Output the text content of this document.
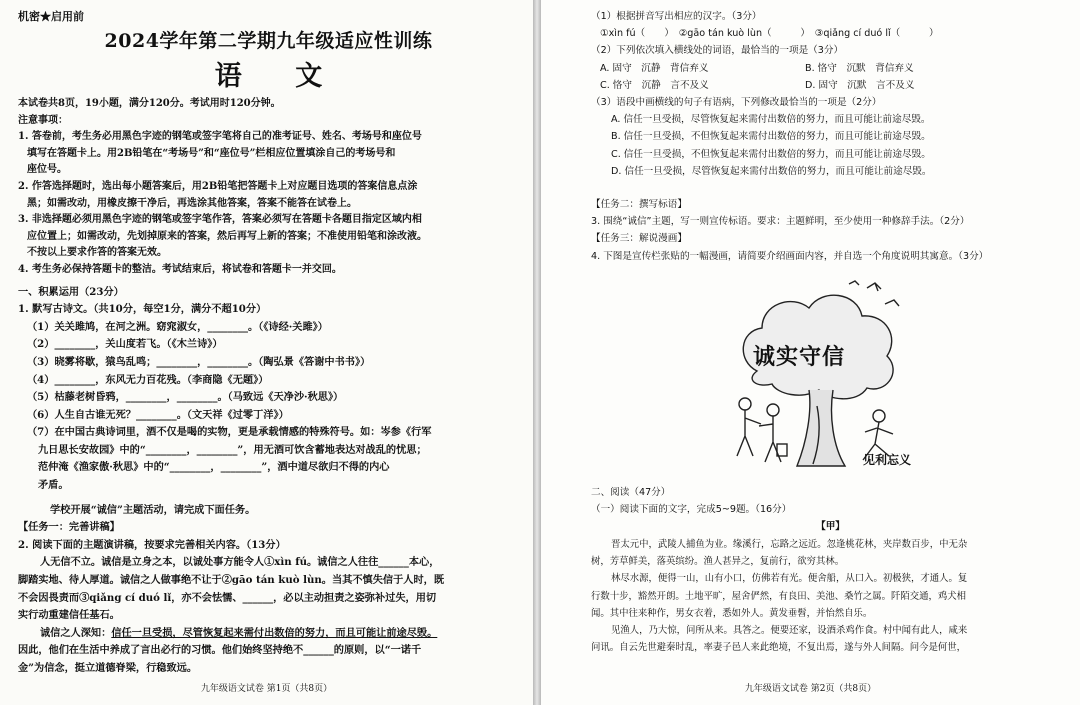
机密★启用前

2024学年第二学期九年级适应性训练

语 文

本试卷共8页，19小题，满分120分。考试用时120分钟。

注意事项：

1. 答卷前，考生务必用黑色字迹的钢笔或签字笔将自己的准考证号、姓名、考场号和座位号

填写在答题卡上。用2B铅笔在“考场号”和“座位号”栏相应位置填涂自己的考场号和

座位号。

2. 作答选择题时，选出每小题答案后，用2B铅笔把答题卡上对应题目选项的答案信息点涂

黑；如需改动，用橡皮擦干净后，再选涂其他答案，答案不能答在试卷上。

3. 非选择题必须用黑色字迹的钢笔或签字笔作答，答案必须写在答题卡各题目指定区域内相

应位置上；如需改动，先划掉原来的答案，然后再写上新的答案；不准使用铅笔和涂改液。

不按以上要求作答的答案无效。

4. 考生务必保持答题卡的整洁。考试结束后，将试卷和答题卡一并交回。

一、积累运用（23分）

1. 默写古诗文。（共10分，每空1分，满分不超10分）

（1）关关雎鸠，在河之洲。窈窕淑女，________。（《诗经·关雎》）

（2）________，关山度若飞。（《木兰诗》）

（3）晓雾将歇，猿鸟乱鸣；________，________。（陶弘景《答谢中书书》）

（4）________，东风无力百花残。（李商隐《无题》）

（5）枯藤老树昏鸦，________，________。（马致远《天净沙·秋思》）

（6）人生自古谁无死？________。（文天祥《过零丁洋》）

（7）在中国古典诗词里，酒不仅是喝的实物，更是承载情感的特殊符号。如：岑参《行军

九日思长安故园》中的“________，________”，用无酒可饮含蓄地表达对战乱的忧思；

范仲淹《渔家傲·秋思》中的“________，________”，酒中道尽欲归不得的内心

矛盾。

学校开展“诚信”主题活动，请完成下面任务。

【任务一：完善讲稿】

2. 阅读下面的主题演讲稿，按要求完善相关内容。（13分）

人无信不立。诚信是立身之本，以诚处事方能令人①xìn fú。诚信之人往往______本心，

脚踏实地、待人厚道。诚信之人做事绝不让于②gāo tán kuò lùn。当其不慎失信于人时，既

不会因畏责而③qiǎng cí duó lǐ，亦不会怯懦、______，必以主动担责之姿弥补过失，用切

实行动重建信任基石。

诚信之人深知：信任一旦受损，尽管恢复起来需付出数倍的努力，而且可能让前途尽毁。

因此，他们在生活中养成了言出必行的习惯。他们始终坚持绝不______的原则，以“一诺千

金”为信念，挺立道德脊梁，行稳致远。

九年级语文试卷 第1页（共8页）

（1）根据拼音写出相应的汉字。（3分）

①xìn fú（　　）　②gāo tán kuò lùn（　　　）　③qiǎng cí duó lǐ（　　　）

（2）下列依次填入横线处的词语，最恰当的一项是（3分）

A. 固守　沉静　背信弃义	B. 恪守　沉默　背信弃义
C. 恪守　沉静　言不及义	D. 固守　沉默　言不及义

（3）语段中画横线的句子有语病，下列修改最恰当的一项是（2分）

A. 信任一旦受损，尽管恢复起来需付出数倍的努力，而且可能让前途尽毁。

B. 信任一旦受损，不但恢复起来需付出数倍的努力，而且可能让前途尽毁。

C. 信任一旦受损，不但恢复起来需付出数倍的努力，而且可能让前途尽毁。

D. 信任一旦受损，尽管恢复起来需付出数倍的努力，而且可能让前途尽毁。

【任务二：撰写标语】

3. 围绕“诚信”主题，写一则宣传标语。要求：主题鲜明，至少使用一种修辞手法。（2分）

【任务三：解说漫画】

4. 下图是宣传栏张贴的一幅漫画，请简要介绍画面内容，并自选一个角度说明其寓意。（3分）

诚实守信
见利忘义

二、阅读（47分）

（一）阅读下面的文字，完成5~9题。（16分）

【甲】

晋太元中，武陵人捕鱼为业。缘溪行，忘路之远近。忽逢桃花林，夹岸数百步，中无杂

树，芳草鲜美，落英缤纷。渔人甚异之，复前行，欲穷其林。

林尽水源，便得一山，山有小口，仿佛若有光。便舍船，从口入。初极狭，才通人。复

行数十步，豁然开朗。土地平旷，屋舍俨然，有良田、美池、桑竹之属。阡陌交通，鸡犬相

闻。其中往来种作，男女衣着，悉如外人。黄发垂髫，并怡然自乐。

见渔人，乃大惊，问所从来。具答之。便要还家，设酒杀鸡作食。村中闻有此人，咸来

问讯。自云先世避秦时乱，率妻子邑人来此绝境，不复出焉，遂与外人间隔。问今是何世，

九年级语文试卷 第2页（共8页）
